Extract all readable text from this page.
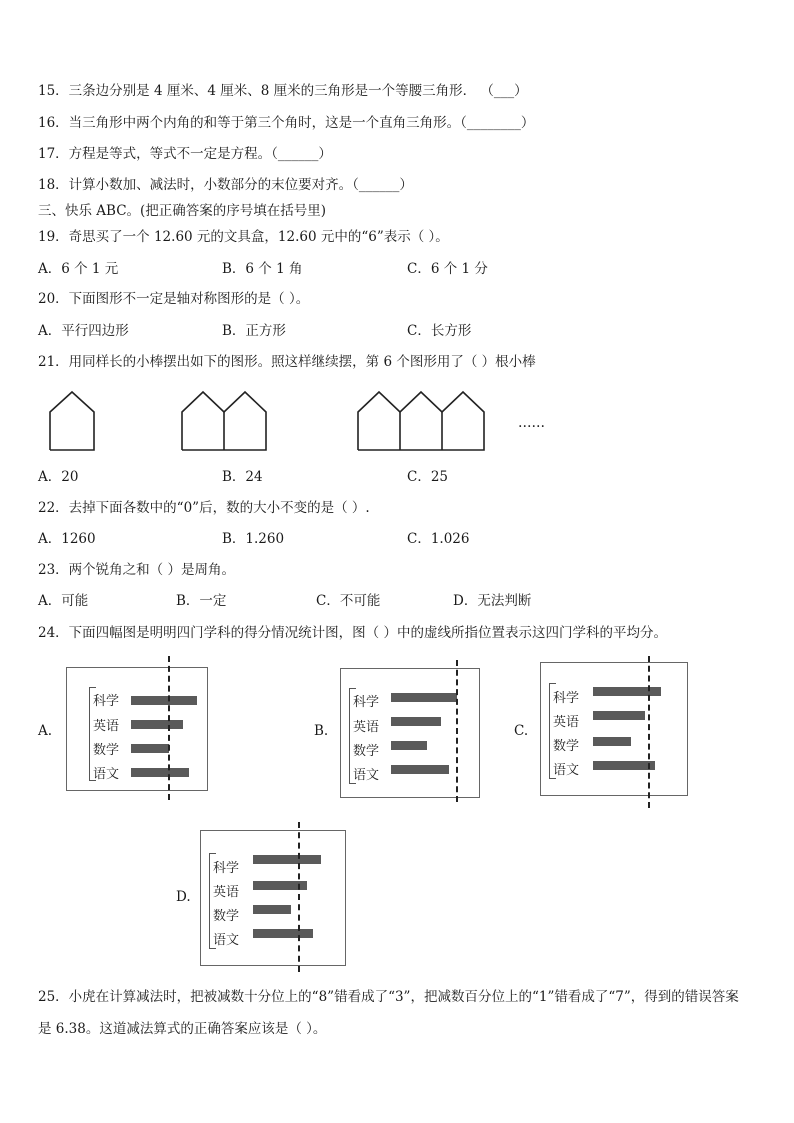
15．三条边分别是 4 厘米、4 厘米、8 厘米的三角形是一个等腰三角形． （___）
16．当三角形中两个内角的和等于第三个角时，这是一个直角三角形。（________）
17．方程是等式，等式不一定是方程。（______）
18．计算小数加、减法时，小数部分的末位要对齐。（______）
三、快乐 ABC。(把正确答案的序号填在括号里)
19．奇思买了一个 12.60 元的文具盒，12.60 元中的“6”表示（ ）。
A．6 个 1 元	B．6 个 1 角	C．6 个 1 分
20．下面图形不一定是轴对称图形的是（ ）。
A．平行四边形	B．正方形	C．长方形
21．用同样长的小棒摆出如下的图形。照这样继续摆，第 6 个图形用了（ ）根小棒
……
A．20	B．24	C．25
22．去掉下面各数中的“0”后，数的大小不变的是（ ）.
A．1260	B．1.260	C．1.026
23．两个锐角之和（ ）是周角。
A．可能	B．一定	C．不可能	D．无法判断
24．下面四幅图是明明四门学科的得分情况统计图，图（ ）中的虚线所指位置表示这四门学科的平均分。
A.
科学
英语
数学
语文
B.
科学
英语
数学
语文
C.
科学
英语
数学
语文
D.
科学
英语
数学
语文
25．小虎在计算减法时，把被减数十分位上的“8”错看成了“3”，把减数百分位上的“1”错看成了“7”，得到的错误答案
是 6.38。这道减法算式的正确答案应该是（ ）。
